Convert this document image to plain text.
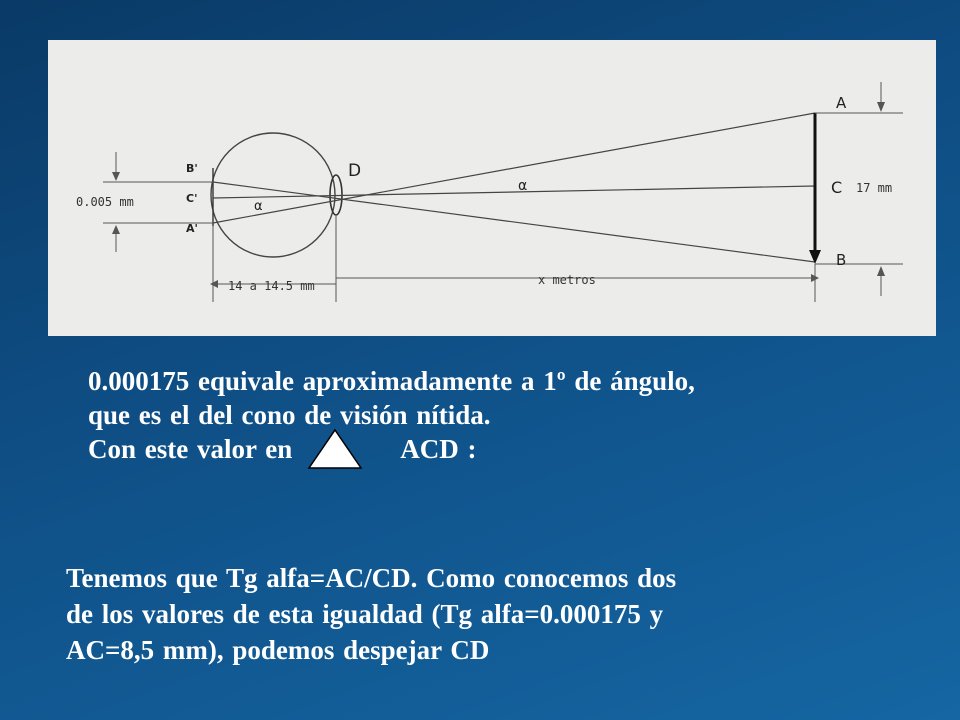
A
C
B
D
B'
C'
A'
α
α
0.005 mm
17 mm
14 a 14.5 mm	x metros
0.000175 equivale aproximadamente a 1º de ángulo,
que es el del cono de visión nítida.
Con este valor en	ACD :
Tenemos que Tg alfa=AC/CD. Como conocemos dos
de los valores de esta igualdad (Tg alfa=0.000175 y
AC=8,5 mm), podemos despejar CD
